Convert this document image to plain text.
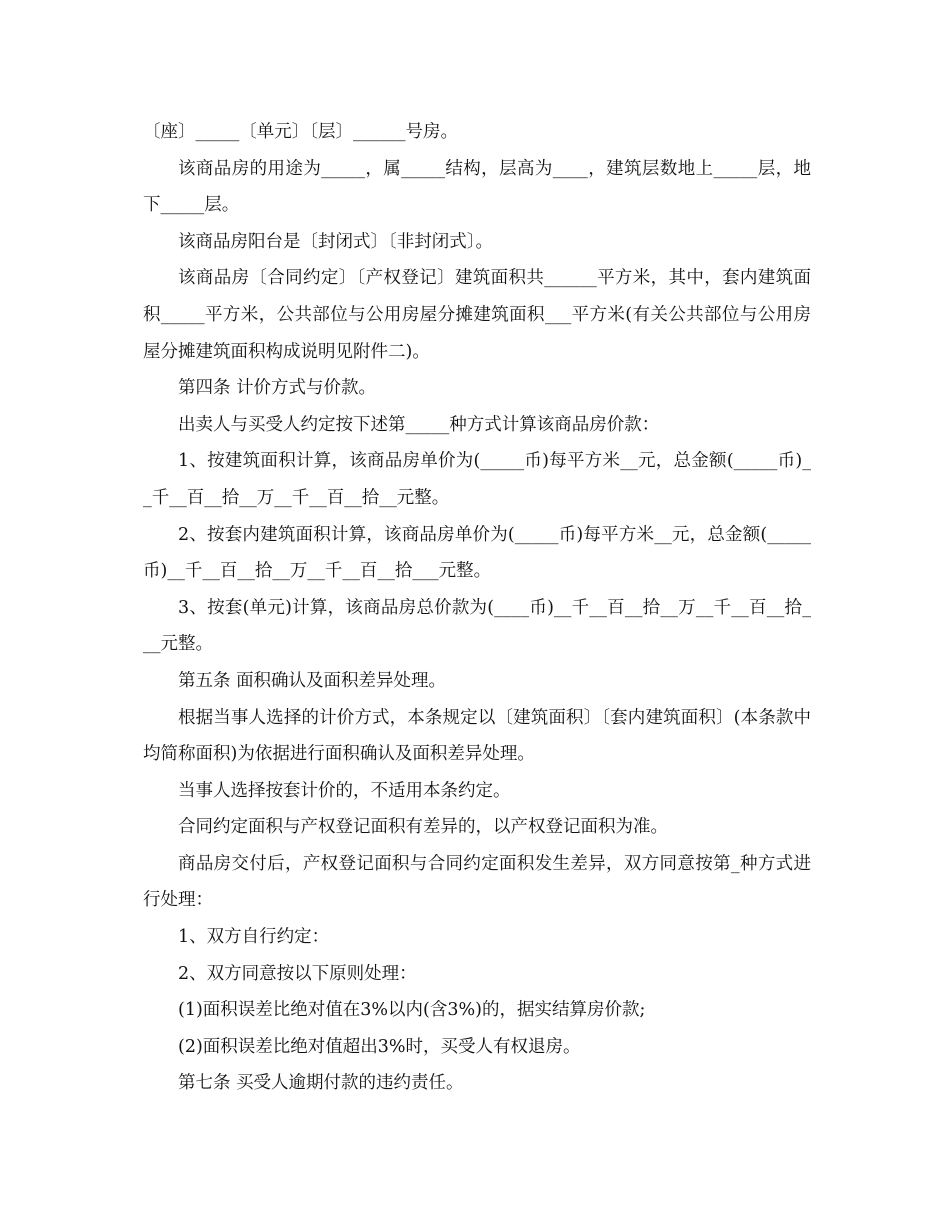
〔座〕_____〔单元〕〔层〕______号房。

该商品房的用途为_____，属_____结构，层高为____，建筑层数地上_____层，地下_____层。

该商品房阳台是〔封闭式〕〔非封闭式〕。

该商品房〔合同约定〕〔产权登记〕建筑面积共______平方米，其中，套内建筑面积_____平方米，公共部位与公用房屋分摊建筑面积___平方米(有关公共部位与公用房屋分摊建筑面积构成说明见附件二)。

第四条 计价方式与价款。

出卖人与买受人约定按下述第_____种方式计算该商品房价款：

1、按建筑面积计算，该商品房单价为(_____币)每平方米__元，总金额(_____币)__千__百__拾__万__千__百__拾__元整。

2、按套内建筑面积计算，该商品房单价为(_____币)每平方米__元，总金额(_____币)__千__百__拾__万__千__百__拾___元整。

3、按套(单元)计算，该商品房总价款为(____币)__千__百__拾__万__千__百__拾___元整。

第五条 面积确认及面积差异处理。

根据当事人选择的计价方式，本条规定以〔建筑面积〕〔套内建筑面积〕(本条款中均简称面积)为依据进行面积确认及面积差异处理。

当事人选择按套计价的，不适用本条约定。

合同约定面积与产权登记面积有差异的，以产权登记面积为准。

商品房交付后，产权登记面积与合同约定面积发生差异，双方同意按第_种方式进行处理：

1、双方自行约定：

2、双方同意按以下原则处理：

(1)面积误差比绝对值在3%以内(含3%)的，据实结算房价款;

(2)面积误差比绝对值超出3%时，买受人有权退房。

第七条 买受人逾期付款的违约责任。
